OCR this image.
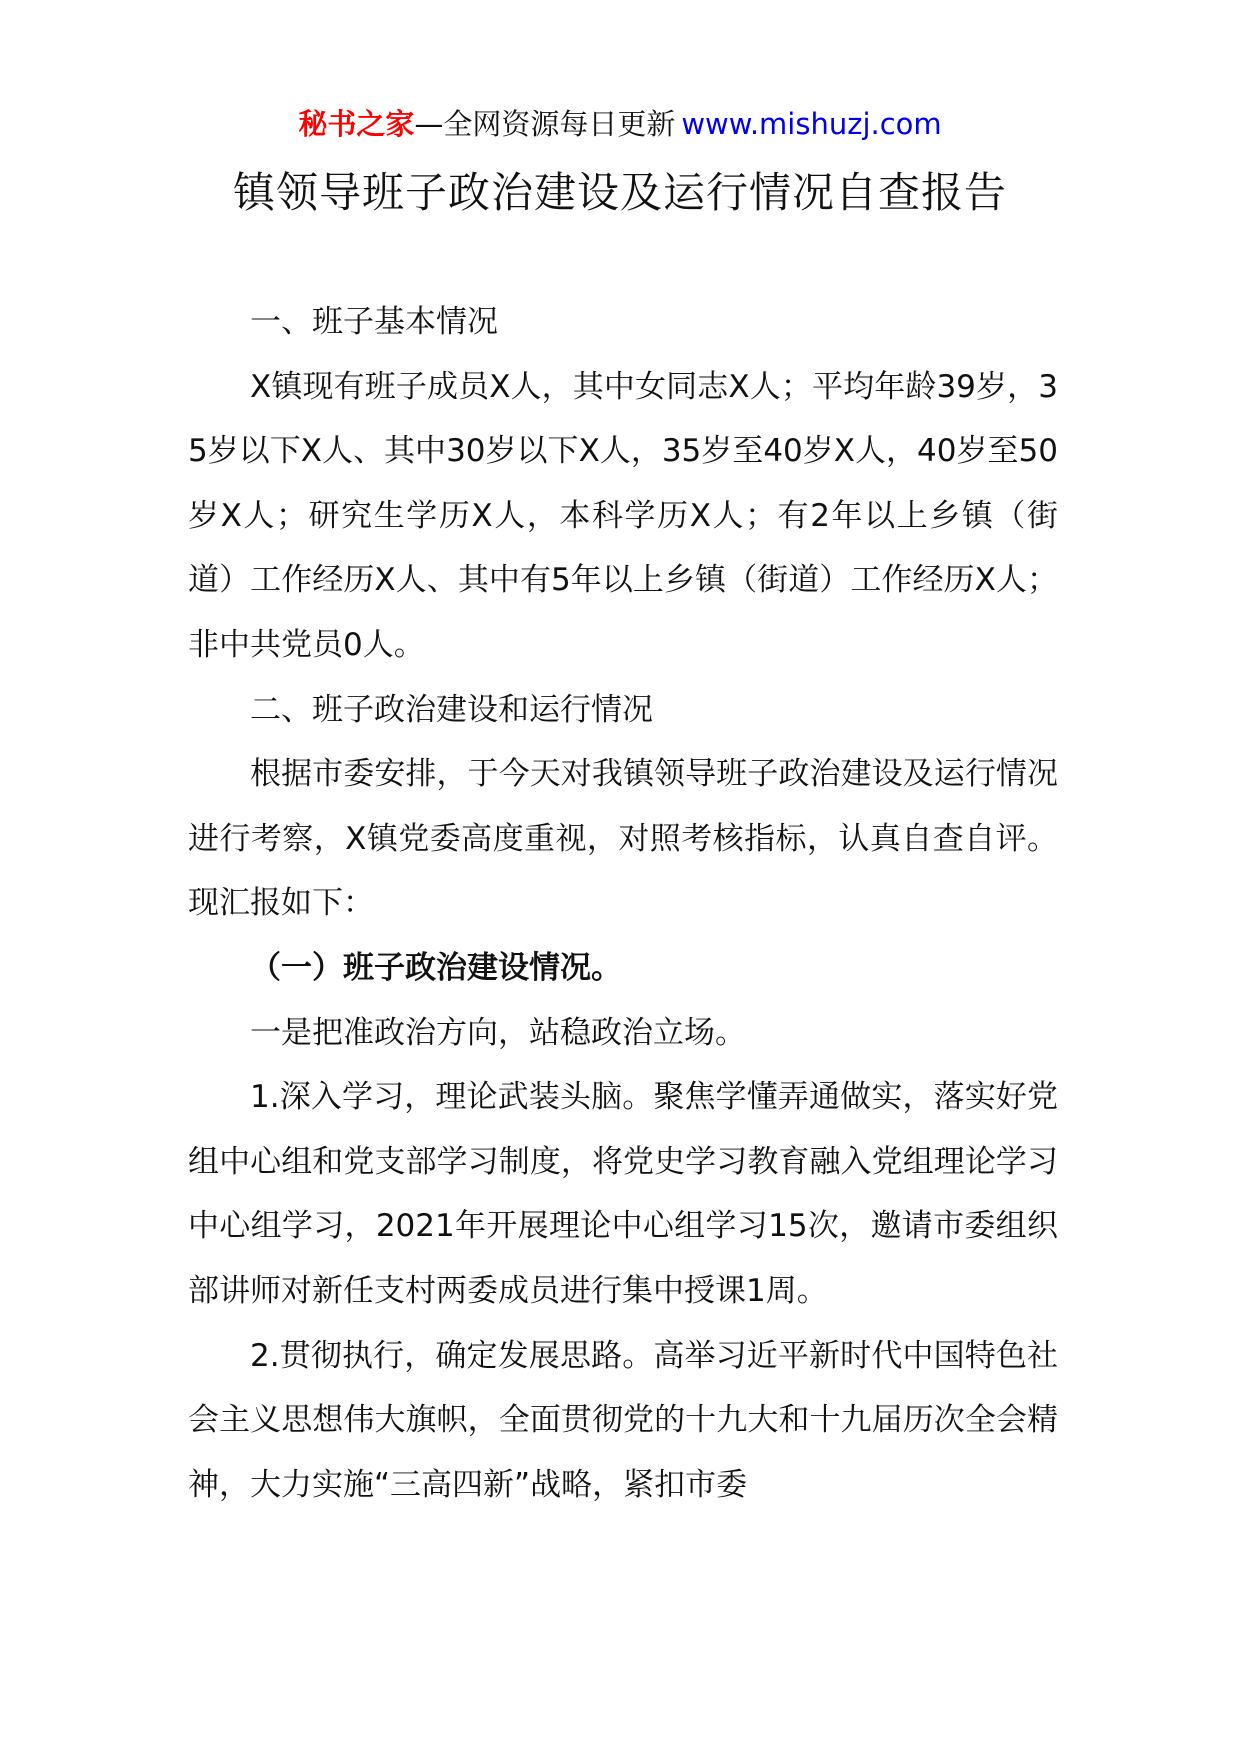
秘书之家—全网资源每日更新 www.mishuzj.com
镇领导班子政治建设及运行情况自查报告

一、班子基本情况

X镇现有班子成员X人，其中女同志X人；平均年龄39岁，35岁以下X人、其中30岁以下X人，35岁至40岁X人，40岁至50岁X人；研究生学历X人，本科学历X人；有2年以上乡镇（街道）工作经历X人、其中有5年以上乡镇（街道）工作经历X人；非中共党员0人。

二、班子政治建设和运行情况

根据市委安排，于今天对我镇领导班子政治建设及运行情况进行考察，X镇党委高度重视，对照考核指标，认真自查自评。现汇报如下：

（一）班子政治建设情况。

一是把准政治方向，站稳政治立场。

1.深入学习，理论武装头脑。聚焦学懂弄通做实，落实好党组中心组和党支部学习制度，将党史学习教育融入党组理论学习中心组学习，2021年开展理论中心组学习15次，邀请市委组织部讲师对新任支村两委成员进行集中授课1周。

2.贯彻执行，确定发展思路。高举习近平新时代中国特色社会主义思想伟大旗帜，全面贯彻党的十九大和十九届历次全会精神，大力实施“三高四新”战略，紧扣市委
